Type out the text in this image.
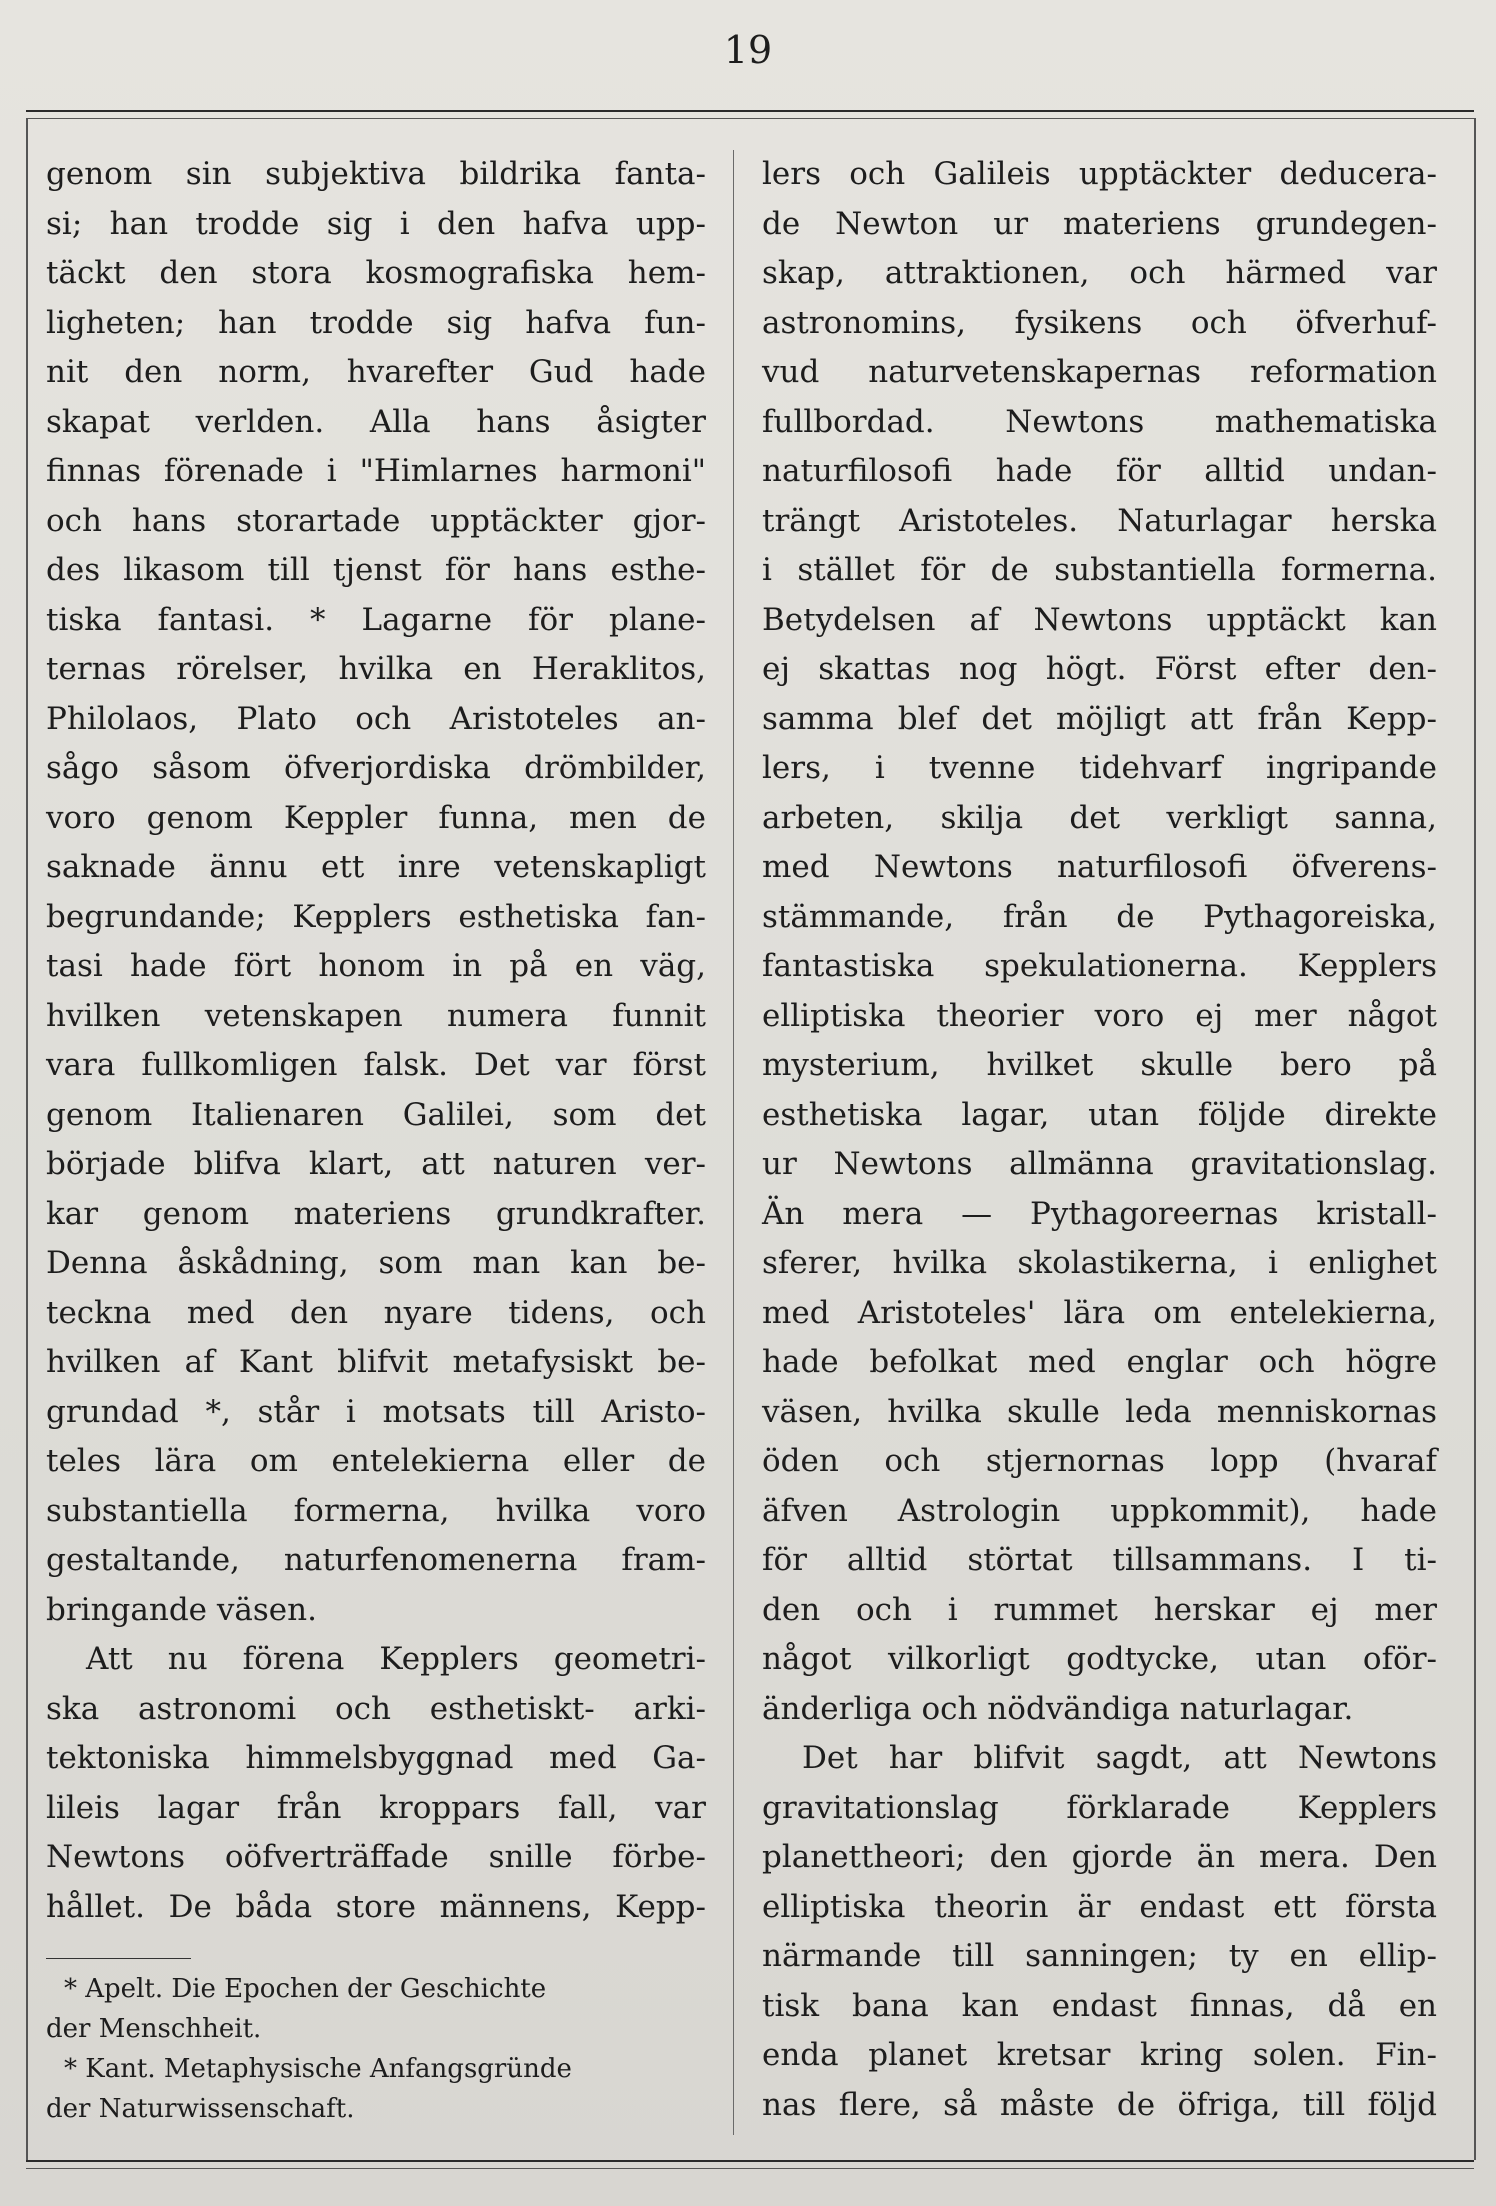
19
genom sin subjektiva bildrika fanta-
si; han trodde sig i den hafva upp-
täckt den stora kosmografiska hem-
ligheten; han trodde sig hafva fun-
nit den norm, hvarefter Gud hade
skapat verlden. Alla hans åsigter
finnas förenade i "Himlarnes harmoni"
och hans storartade upptäckter gjor-
des likasom till tjenst för hans esthe-
tiska fantasi. * Lagarne för plane-
ternas rörelser, hvilka en Heraklitos,
Philolaos, Plato och Aristoteles an-
sågo såsom öfverjordiska drömbilder,
voro genom Keppler funna, men de
saknade ännu ett inre vetenskapligt
begrundande; Kepplers esthetiska fan-
tasi hade fört honom in på en väg,
hvilken vetenskapen numera funnit
vara fullkomligen falsk. Det var först
genom Italienaren Galilei, som det
började blifva klart, att naturen ver-
kar genom materiens grundkrafter.
Denna åskådning, som man kan be-
teckna med den nyare tidens, och
hvilken af Kant blifvit metafysiskt be-
grundad *, står i motsats till Aristo-
teles lära om entelekierna eller de
substantiella formerna, hvilka voro
gestaltande, naturfenomenerna fram-
bringande väsen.
Att nu förena Kepplers geometri-
ska astronomi och esthetiskt- arki-
tektoniska himmelsbyggnad med Ga-
lileis lagar från kroppars fall, var
Newtons oöfverträffade snille förbe-
hållet. De båda store männens, Kepp-
* Apelt. Die Epochen der Geschichte
der Menschheit.
* Kant. Metaphysische Anfangsgründe
der Naturwissenschaft.
lers och Galileis upptäckter deducera-
de Newton ur materiens grundegen-
skap, attraktionen, och härmed var
astronomins, fysikens och öfverhuf-
vud naturvetenskapernas reformation
fullbordad. Newtons mathematiska
naturfilosofi hade för alltid undan-
trängt Aristoteles. Naturlagar herska
i stället för de substantiella formerna.
Betydelsen af Newtons upptäckt kan
ej skattas nog högt. Först efter den-
samma blef det möjligt att från Kepp-
lers, i tvenne tidehvarf ingripande
arbeten, skilja det verkligt sanna,
med Newtons naturfilosofi öfverens-
stämmande, från de Pythagoreiska,
fantastiska spekulationerna. Kepplers
elliptiska theorier voro ej mer något
mysterium, hvilket skulle bero på
esthetiska lagar, utan följde direkte
ur Newtons allmänna gravitationslag.
Än mera — Pythagoreernas kristall-
sferer, hvilka skolastikerna, i enlighet
med Aristoteles' lära om entelekierna,
hade befolkat med englar och högre
väsen, hvilka skulle leda menniskornas
öden och stjernornas lopp (hvaraf
äfven Astrologin uppkommit), hade
för alltid störtat tillsammans. I ti-
den och i rummet herskar ej mer
något vilkorligt godtycke, utan oför-
änderliga och nödvändiga naturlagar.
Det har blifvit sagdt, att Newtons
gravitationslag förklarade Kepplers
planettheori; den gjorde än mera. Den
elliptiska theorin är endast ett första
närmande till sanningen; ty en ellip-
tisk bana kan endast finnas, då en
enda planet kretsar kring solen. Fin-
nas flere, så måste de öfriga, till följd
